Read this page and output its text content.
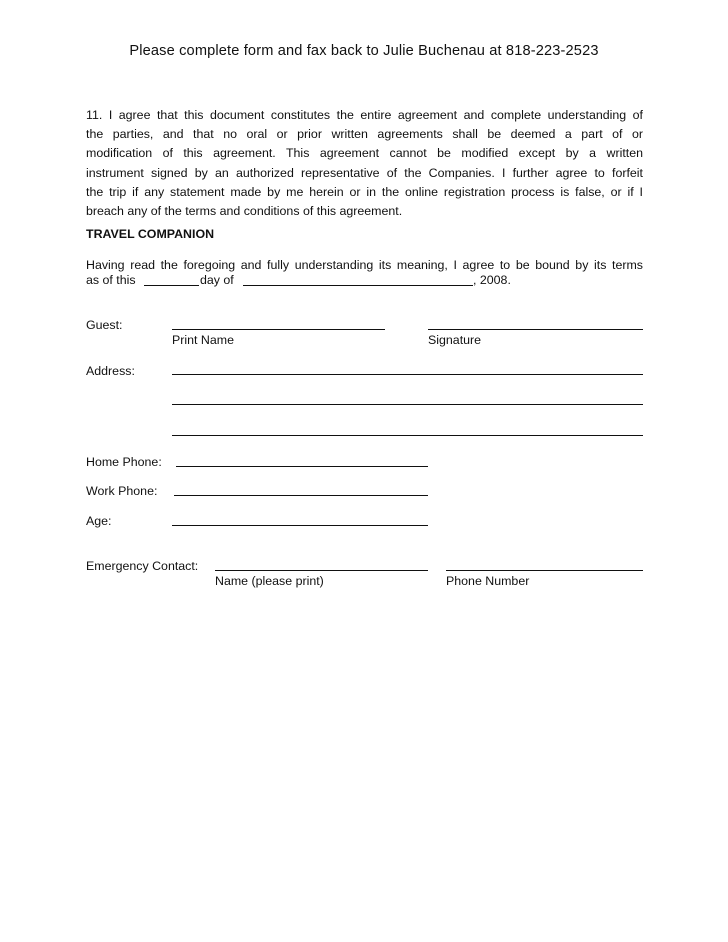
Please complete form and fax back to Julie Buchenau at 818-223-2523
11. I agree that this document constitutes the entire agreement and complete understanding of
the parties, and that no oral or prior written agreements shall be deemed a part of or
modification of this agreement. This agreement cannot be modified except by a written
instrument signed by an authorized representative of the Companies. I further agree to forfeit
the trip if any statement made by me herein or in the online registration process is false, or if I
breach any of the terms and conditions of this agreement.
TRAVEL COMPANION
Having read the foregoing and fully understanding its meaning, I agree to be bound by its terms
as of this	day of	, 2008.
Guest:
Print Name	Signature
Address:
Home Phone:
Work Phone:
Age:
Emergency Contact:
Name (please print)	Phone Number
